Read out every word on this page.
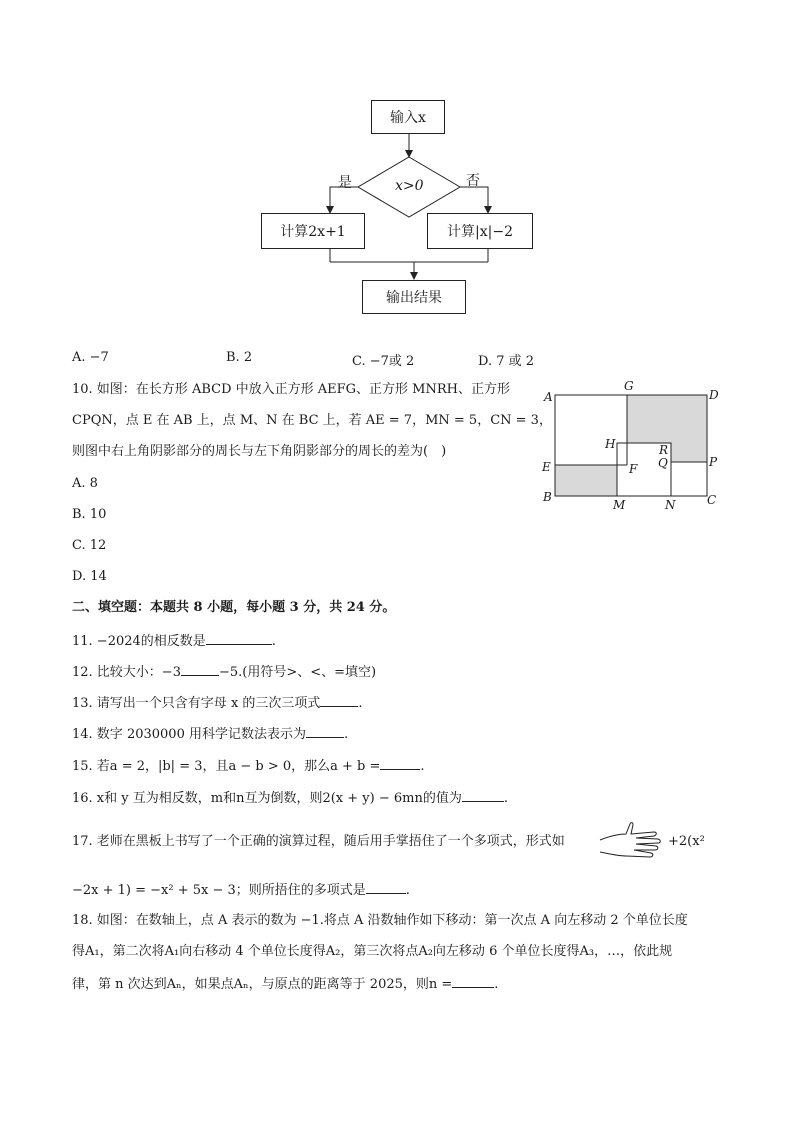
输入x
x>0
是	否
计算2x+1	计算|x|−2
输出结果
A. −7	B. 2	C. −7或 2	D. 7 或 2
10. 如图：在长方形 ABCD 中放入正方形 AEFG、正方形 MNRH、正方形
CPQN，点 E 在 AB 上，点 M、N 在 BC 上，若 AE = 7，MN = 5，CN = 3，
则图中右上角阴影部分的周长与左下角阴影部分的周长的差为(　)
A. 8
B. 10
C. 12
D. 14
A
G
D
H	R
Q
E	F	P
B
M	N	C
二、填空题：本题共 8 小题，每小题 3 分，共 24 分。
11. −2024的相反数是	.
12. 比较大小：−3	−5.(用符号>、<、=填空)
13. 请写出一个只含有字母 x 的三次三项式	.
14. 数字 2030000 用科学记数法表示为	.
15. 若a = 2，|b| = 3，且a − b > 0，那么a + b =	.
16. x和 y 互为相反数，m和n互为倒数，则2(x + y) − 6mn的值为	.
17. 老师在黑板上书写了一个正确的演算过程，随后用手掌捂住了一个多项式，形式如	+2(x²
−2x + 1) = −x² + 5x − 3；则所捂住的多项式是	.
18. 如图：在数轴上，点 A 表示的数为 −1.将点 A 沿数轴作如下移动：第一次点 A 向左移动 2 个单位长度
得A₁，第二次将A₁向右移动 4 个单位长度得A₂，第三次将点A₂向左移动 6 个单位长度得A₃，…，依此规
律，第 n 次达到Aₙ，如果点Aₙ，与原点的距离等于 2025，则n =	.
